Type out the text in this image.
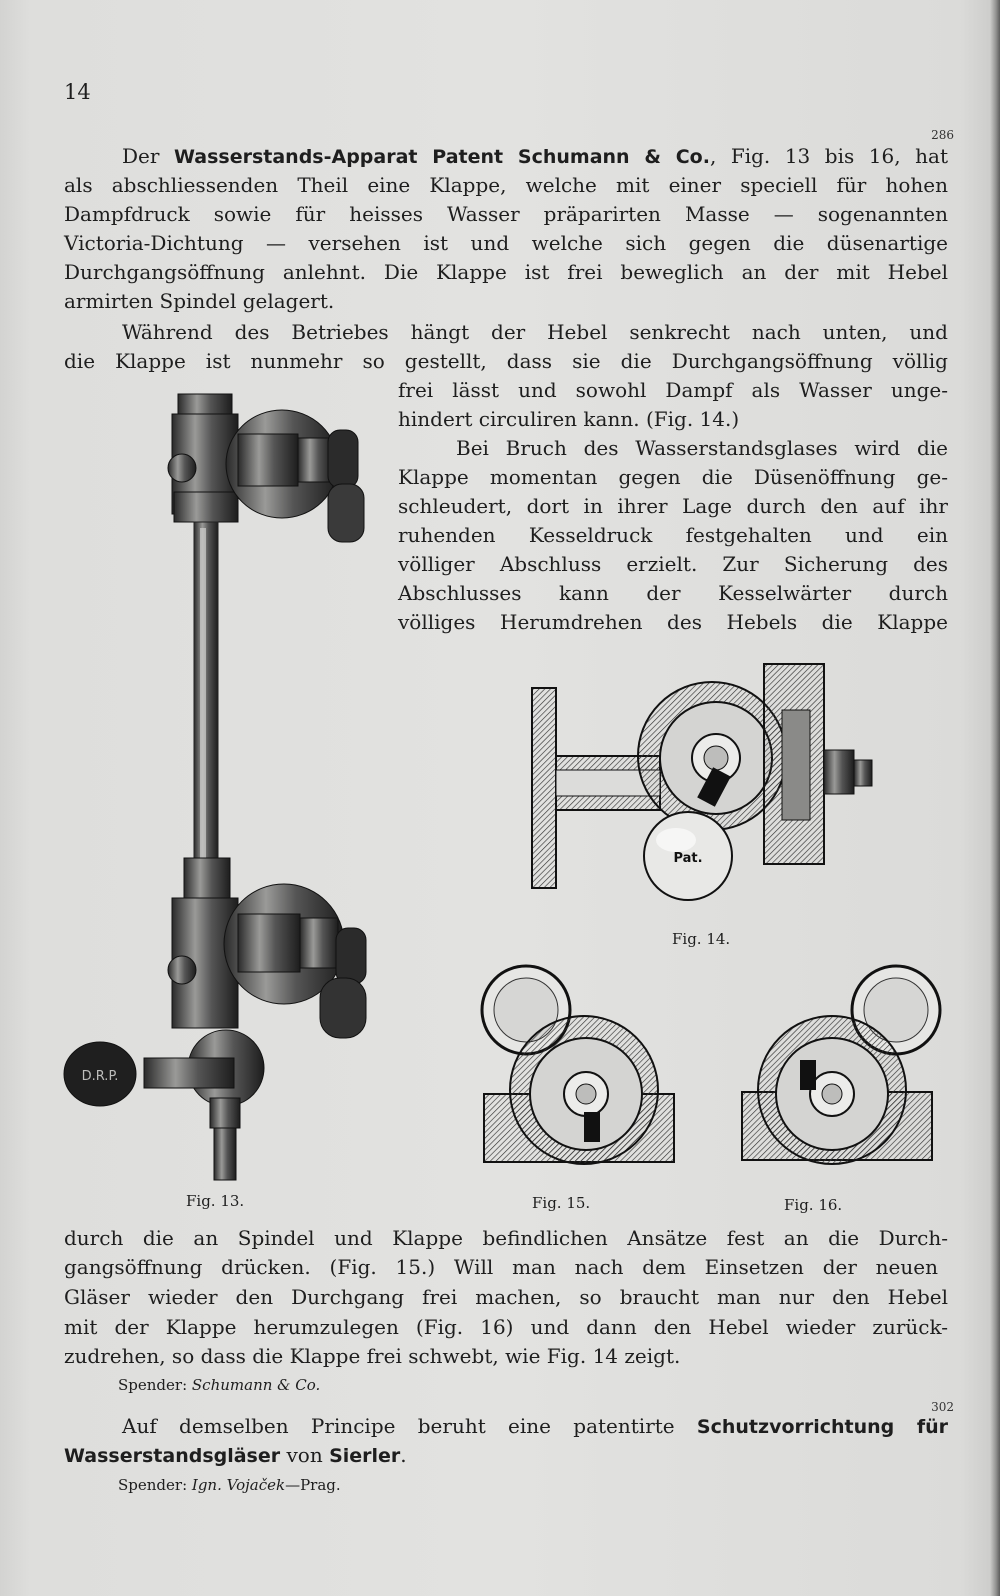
14
286
Der Wasserstands-Apparat Patent Schumann & Co., Fig. 13 bis 16, hat
als abschliessenden Theil eine Klappe, welche mit einer speciell für hohen
Dampfdruck sowie für heisses Wasser präparirten Masse — sogenannten
Victoria-Dichtung — versehen ist und welche sich gegen die düsenartige
Durchgangsöffnung anlehnt. Die Klappe ist frei beweglich an der mit Hebel
armirten Spindel gelagert.
Während des Betriebes hängt der Hebel senkrecht nach unten, und
die Klappe ist nunmehr so gestellt, dass sie die Durchgangsöffnung völlig
frei lässt und sowohl Dampf als Wasser unge-
hindert circuliren kann. (Fig. 14.)
Bei Bruch des Wasserstandsglases wird die
Klappe momentan gegen die Düsenöffnung ge-
schleudert, dort in ihrer Lage durch den auf ihr
ruhenden Kesseldruck festgehalten und ein
völliger Abschluss erzielt. Zur Sicherung des
Abschlusses kann der Kesselwärter durch
völliges Herumdrehen des Hebels die Klappe
D.R.P.
Fig. 13.
Pat.
Fig. 14.
Fig. 15.	Fig. 16.
durch die an Spindel und Klappe befindlichen Ansätze fest an die Durch-
gangsöffnung drücken. (Fig. 15.) Will man nach dem Einsetzen der neuen
Gläser wieder den Durchgang frei machen, so braucht man nur den Hebel
mit der Klappe herumzulegen (Fig. 16) und dann den Hebel wieder zurück-
zudrehen, so dass die Klappe frei schwebt, wie Fig. 14 zeigt.
Spender: Schumann & Co.
302
Auf demselben Principe beruht eine patentirte Schutzvorrichtung für
Wasserstandsgläser von Sierler.
Spender: Ign. Vojaček—Prag.
